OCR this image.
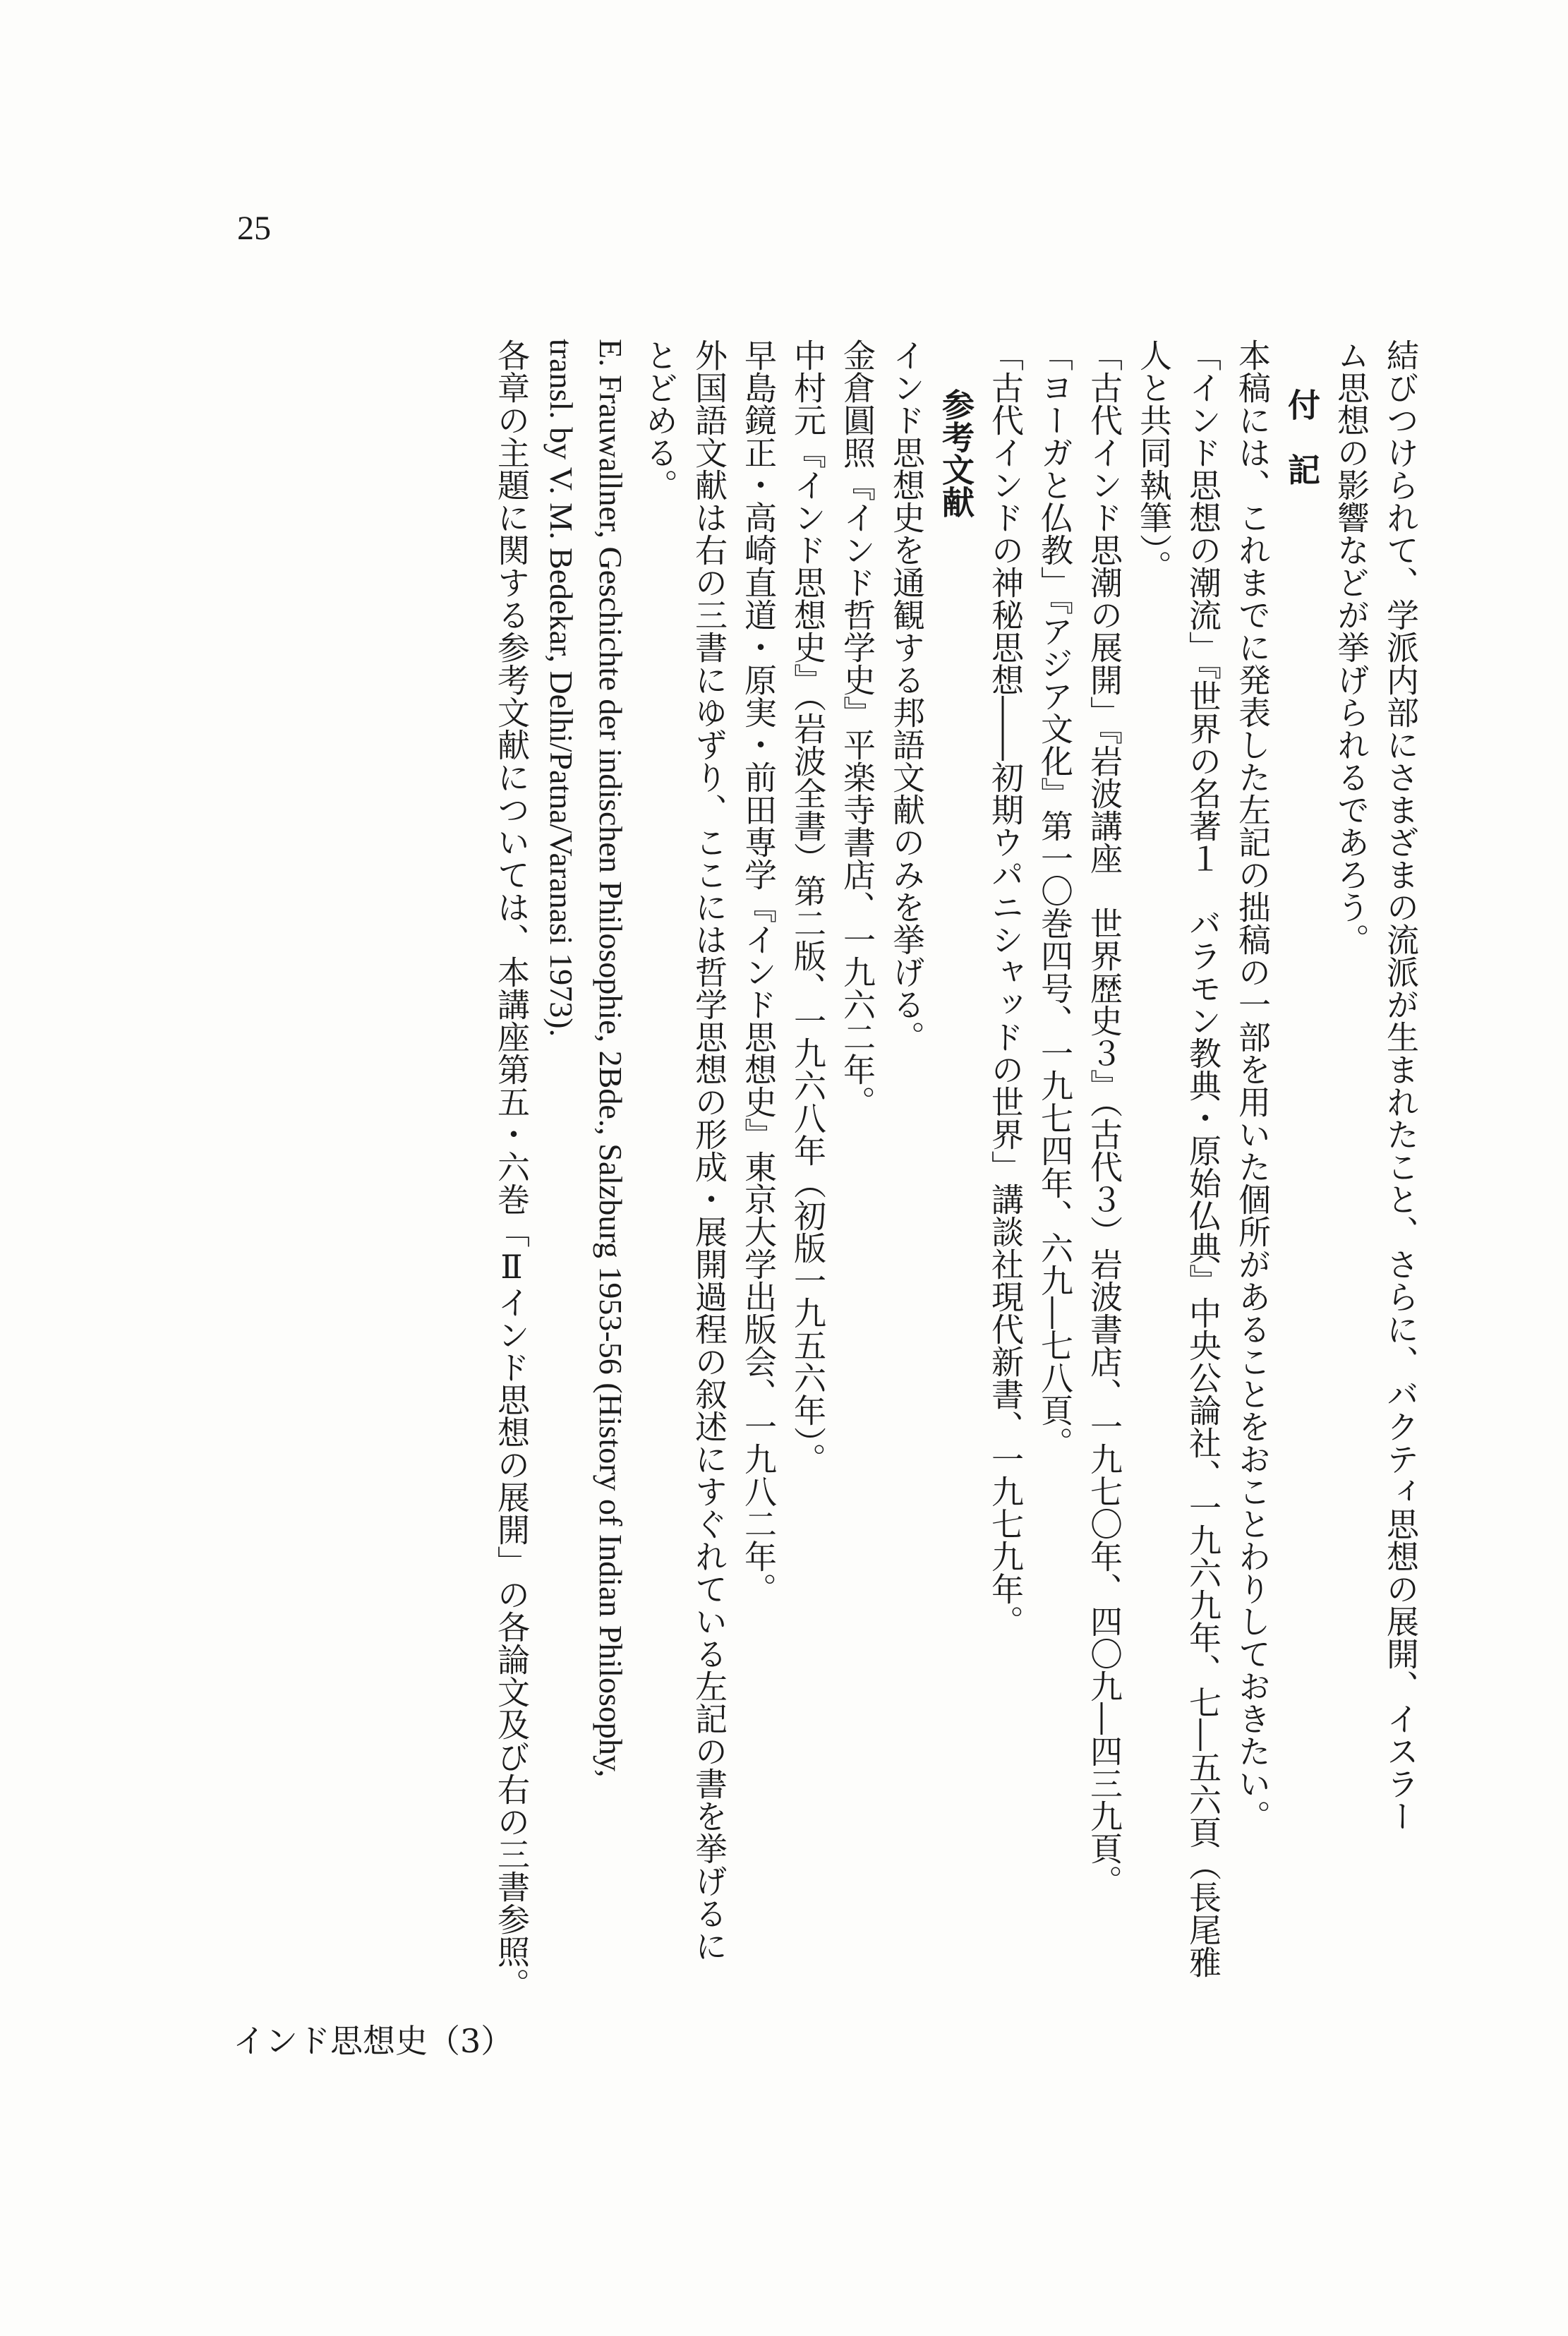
25

結びつけられて、学派内部にさまざまの流派が生まれたこと、さらに、バクティ思想の展開、イスラー

ム思想の影響などが挙げられるであろう。

付記

本稿には、これまでに発表した左記の拙稿の一部を用いた個所があることをおことわりしておきたい。

「インド思想の潮流」『世界の名著１　バラモン教典・原始仏典』中央公論社、一九六九年、七―五六頁（長尾雅

人と共同執筆）。

「古代インド思潮の展開」『岩波講座　世界歴史３』（古代３）岩波書店、一九七〇年、四〇九―四三九頁。

「ヨーガと仏教」『アジア文化』第一〇巻四号、一九七四年、六九―七八頁。

「古代インドの神秘思想――初期ウパニシャッドの世界」講談社現代新書、一九七九年。

参考文献

インド思想史を通観する邦語文献のみを挙げる。

金倉圓照『インド哲学史』平楽寺書店、一九六二年。

中村元『インド思想史』（岩波全書）第二版、一九六八年（初版一九五六年）。

早島鏡正・高崎直道・原実・前田専学『インド思想史』東京大学出版会、一九八二年。

外国語文献は右の三書にゆずり、ここには哲学思想の形成・展開過程の叙述にすぐれている左記の書を挙げるに

とどめる。

E. Frauwallner, Geschichte der indischen Philosophie, 2Bde., Salzburg 1953-56 (History of Indian Philosophy,

transl. by V. M. Bedekar, Delhi/Patna/Varanasi 1973).

各章の主題に関する参考文献については、本講座第五・六巻「Ⅱインド思想の展開」の各論文及び右の三書参照。

インド思想史（3）
